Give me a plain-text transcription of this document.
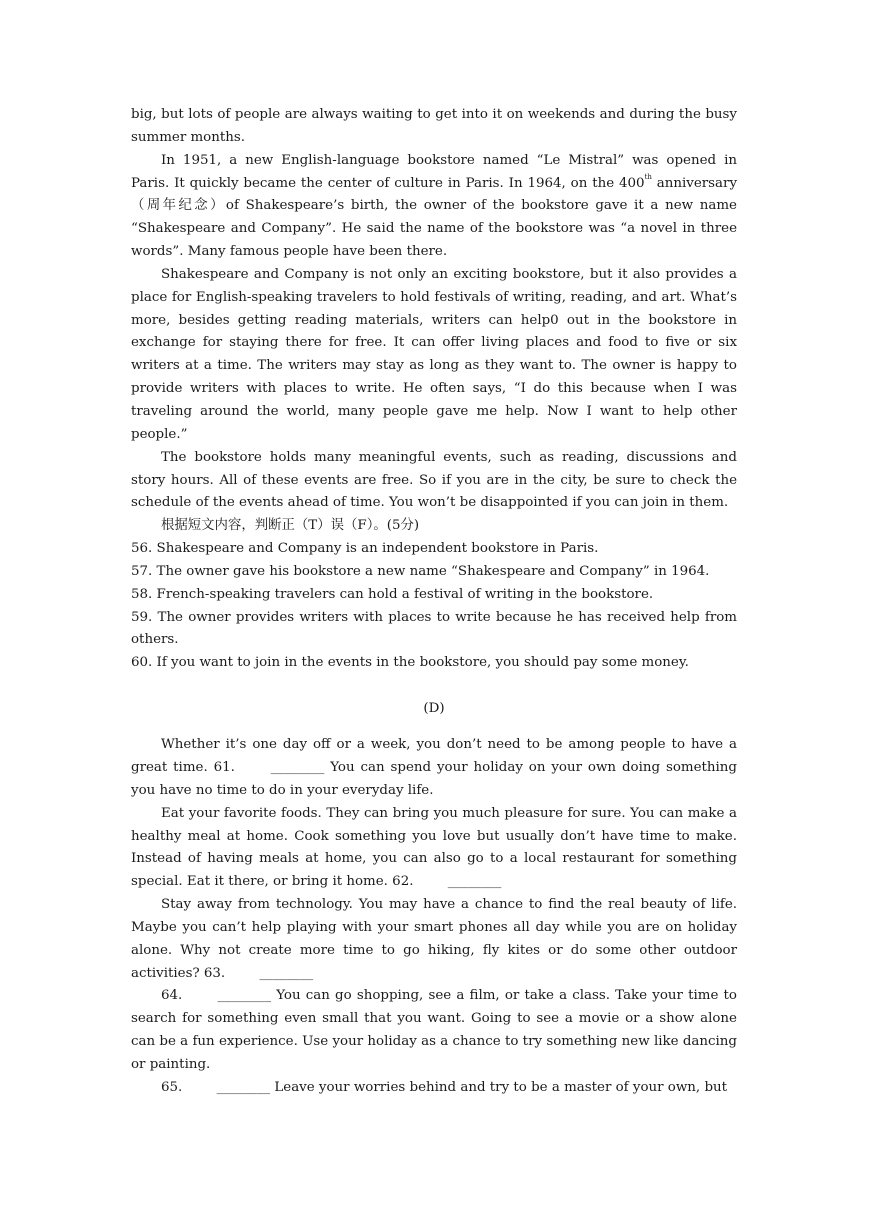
big, but lots of people are always waiting to get into it on weekends and during the busy summer months.

In 1951, a new English-language bookstore named “Le Mistral” was opened in Paris. It quickly became the center of culture in Paris. In 1964, on the 400th anniversary（周年纪念）of Shakespeare’s birth, the owner of the bookstore gave it a new name “Shakespeare and Company”. He said the name of the bookstore was “a novel in three words”. Many famous people have been there.

Shakespeare and Company is not only an exciting bookstore, but it also provides a place for English-speaking travelers to hold festivals of writing, reading, and art. What’s more, besides getting reading materials, writers can help0 out in the bookstore in exchange for staying there for free. It can offer living places and food to five or six writers at a time. The writers may stay as long as they want to. The owner is happy to provide writers with places to write. He often says, “I do this because when I was traveling around the world, many people gave me help. Now I want to help other people.”

The bookstore holds many meaningful events, such as reading, discussions and story hours. All of these events are free. So if you are in the city, be sure to check the schedule of the events ahead of time. You won’t be disappointed if you can join in them.

根据短文内容，判断正（T）误（F）。(5分)

56. Shakespeare and Company is an independent bookstore in Paris.

57. The owner gave his bookstore a new name “Shakespeare and Company” in 1964.

58. French-speaking travelers can hold a festival of writing in the bookstore.

59. The owner provides writers with places to write because he has received help from others.

60. If you want to join in the events in the bookstore, you should pay some money.

(D)

Whether it’s one day off or a week, you don’t need to be among people to have a great time. 61. ________ You can spend your holiday on your own doing something you have no time to do in your everyday life.

Eat your favorite foods. They can bring you much pleasure for sure. You can make a healthy meal at home. Cook something you love but usually don’t have time to make. Instead of having meals at home, you can also go to a local restaurant for something special. Eat it there, or bring it home. 62. ________

Stay away from technology. You may have a chance to find the real beauty of life. Maybe you can’t help playing with your smart phones all day while you are on holiday alone. Why not create more time to go hiking, fly kites or do some other outdoor activities? 63. ________

64. ________ You can go shopping, see a film, or take a class. Take your time to search for something even small that you want. Going to see a movie or a show alone can be a fun experience. Use your holiday as a chance to try something new like dancing or painting.

65. ________ Leave your worries behind and try to be a master of your own, but
